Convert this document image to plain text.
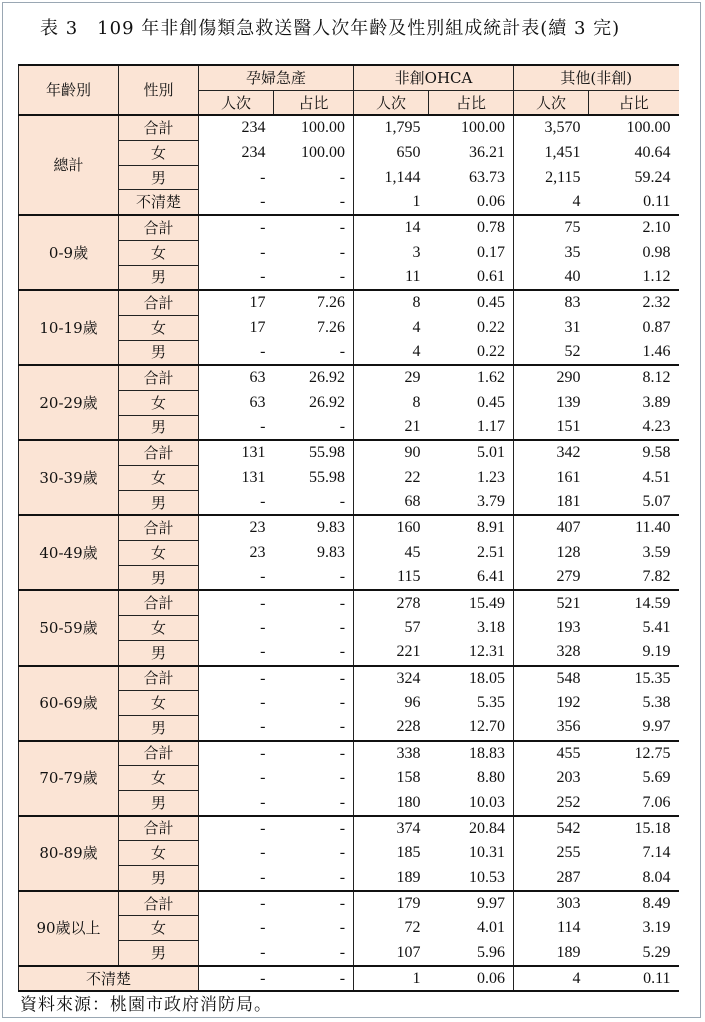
表 3　109 年非創傷類急救送醫人次年齡及性別組成統計表(續 3 完)
年齡別	性別	孕婦急產		非創OHCA		其他(非創)	
		人次	占比	人次	占比	人次	占比
總計	合計	234	100.00	1,795	100.00	3,570	100.00
	女	234	100.00	650	36.21	1,451	40.64
	男	-	-	1,144	63.73	2,115	59.24
	不清楚	-	-	1	0.06	4	0.11
0-9歲	合計	-	-	14	0.78	75	2.10
	女	-	-	3	0.17	35	0.98
	男	-	-	11	0.61	40	1.12
10-19歲	合計	17	7.26	8	0.45	83	2.32
	女	17	7.26	4	0.22	31	0.87
	男	-	-	4	0.22	52	1.46
20-29歲	合計	63	26.92	29	1.62	290	8.12
	女	63	26.92	8	0.45	139	3.89
	男	-	-	21	1.17	151	4.23
30-39歲	合計	131	55.98	90	5.01	342	9.58
	女	131	55.98	22	1.23	161	4.51
	男	-	-	68	3.79	181	5.07
40-49歲	合計	23	9.83	160	8.91	407	11.40
	女	23	9.83	45	2.51	128	3.59
	男	-	-	115	6.41	279	7.82
50-59歲	合計	-	-	278	15.49	521	14.59
	女	-	-	57	3.18	193	5.41
	男	-	-	221	12.31	328	9.19
60-69歲	合計	-	-	324	18.05	548	15.35
	女	-	-	96	5.35	192	5.38
	男	-	-	228	12.70	356	9.97
70-79歲	合計	-	-	338	18.83	455	12.75
	女	-	-	158	8.80	203	5.69
	男	-	-	180	10.03	252	7.06
80-89歲	合計	-	-	374	20.84	542	15.18
	女	-	-	185	10.31	255	7.14
	男	-	-	189	10.53	287	8.04
90歲以上	合計	-	-	179	9.97	303	8.49
	女	-	-	72	4.01	114	3.19
	男	-	-	107	5.96	189	5.29
不清楚		-	-	1	0.06	4	0.11
資料來源：桃園市政府消防局。
